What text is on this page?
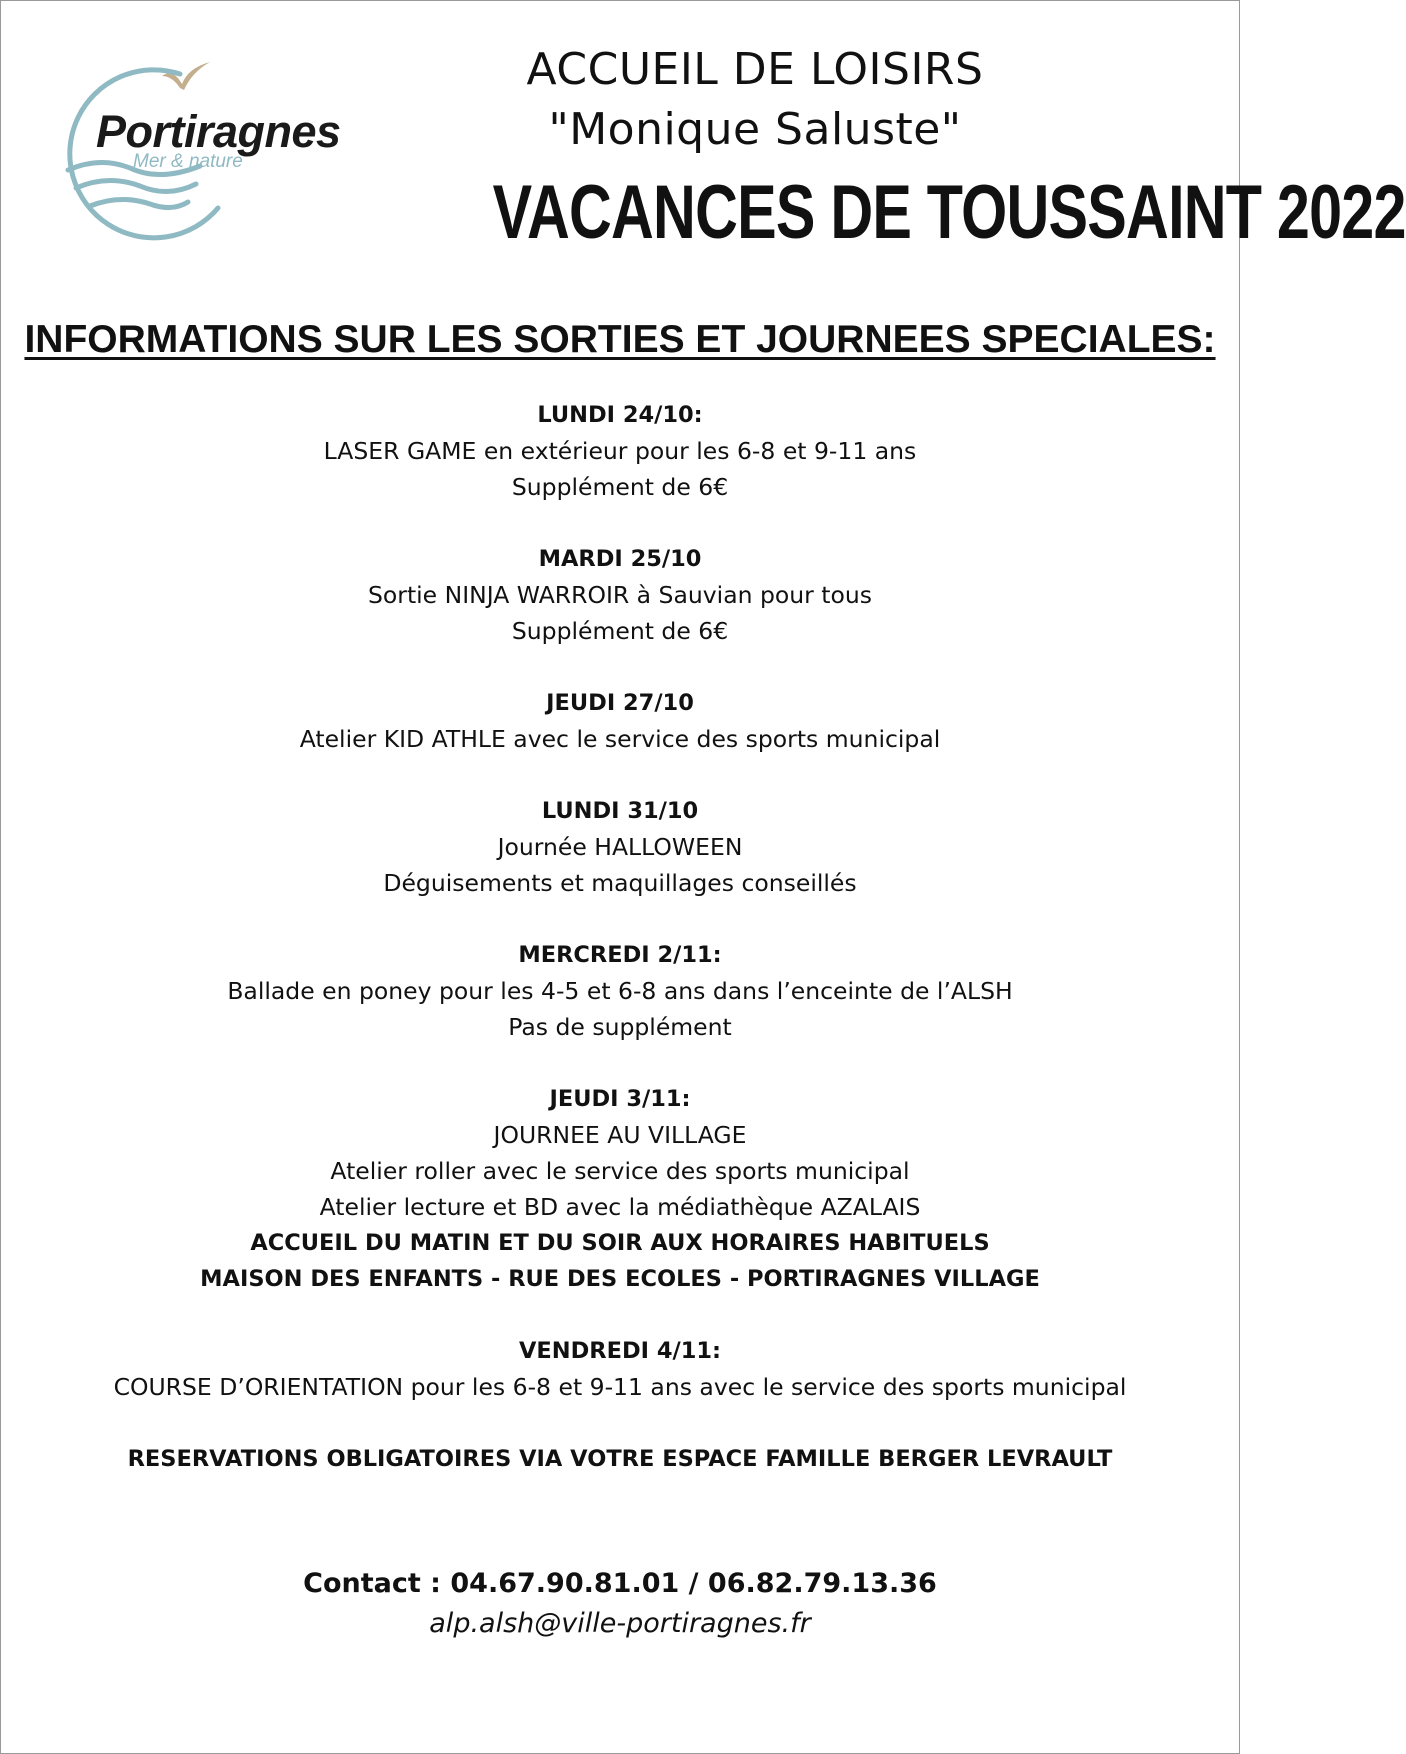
Portiragnes
Mer & nature
ACCUEIL DE LOISIRS
"Monique Saluste"
VACANCES DE TOUSSAINT 2022
INFORMATIONS SUR LES SORTIES ET JOURNEES SPECIALES:
LUNDI 24/10:
LASER GAME en extérieur pour les 6-8 et 9-11 ans
Supplément de 6€
MARDI 25/10
Sortie NINJA WARROIR à Sauvian pour tous
Supplément de 6€
JEUDI 27/10
Atelier KID ATHLE avec le service des sports municipal
LUNDI 31/10
Journée HALLOWEEN
Déguisements et maquillages conseillés
MERCREDI 2/11:
Ballade en poney pour les 4-5 et 6-8 ans dans l’enceinte de l’ALSH
Pas de supplément
JEUDI 3/11:
JOURNEE AU VILLAGE
Atelier roller avec le service des sports municipal
Atelier lecture et BD avec la médiathèque AZALAIS
ACCUEIL DU MATIN ET DU SOIR AUX HORAIRES HABITUELS
MAISON DES ENFANTS - RUE DES ECOLES - PORTIRAGNES VILLAGE
VENDREDI 4/11:
COURSE D’ORIENTATION pour les 6-8 et 9-11 ans avec le service des sports municipal
RESERVATIONS OBLIGATOIRES VIA VOTRE ESPACE FAMILLE BERGER LEVRAULT
Contact : 04.67.90.81.01 / 06.82.79.13.36
alp.alsh@ville-portiragnes.fr
